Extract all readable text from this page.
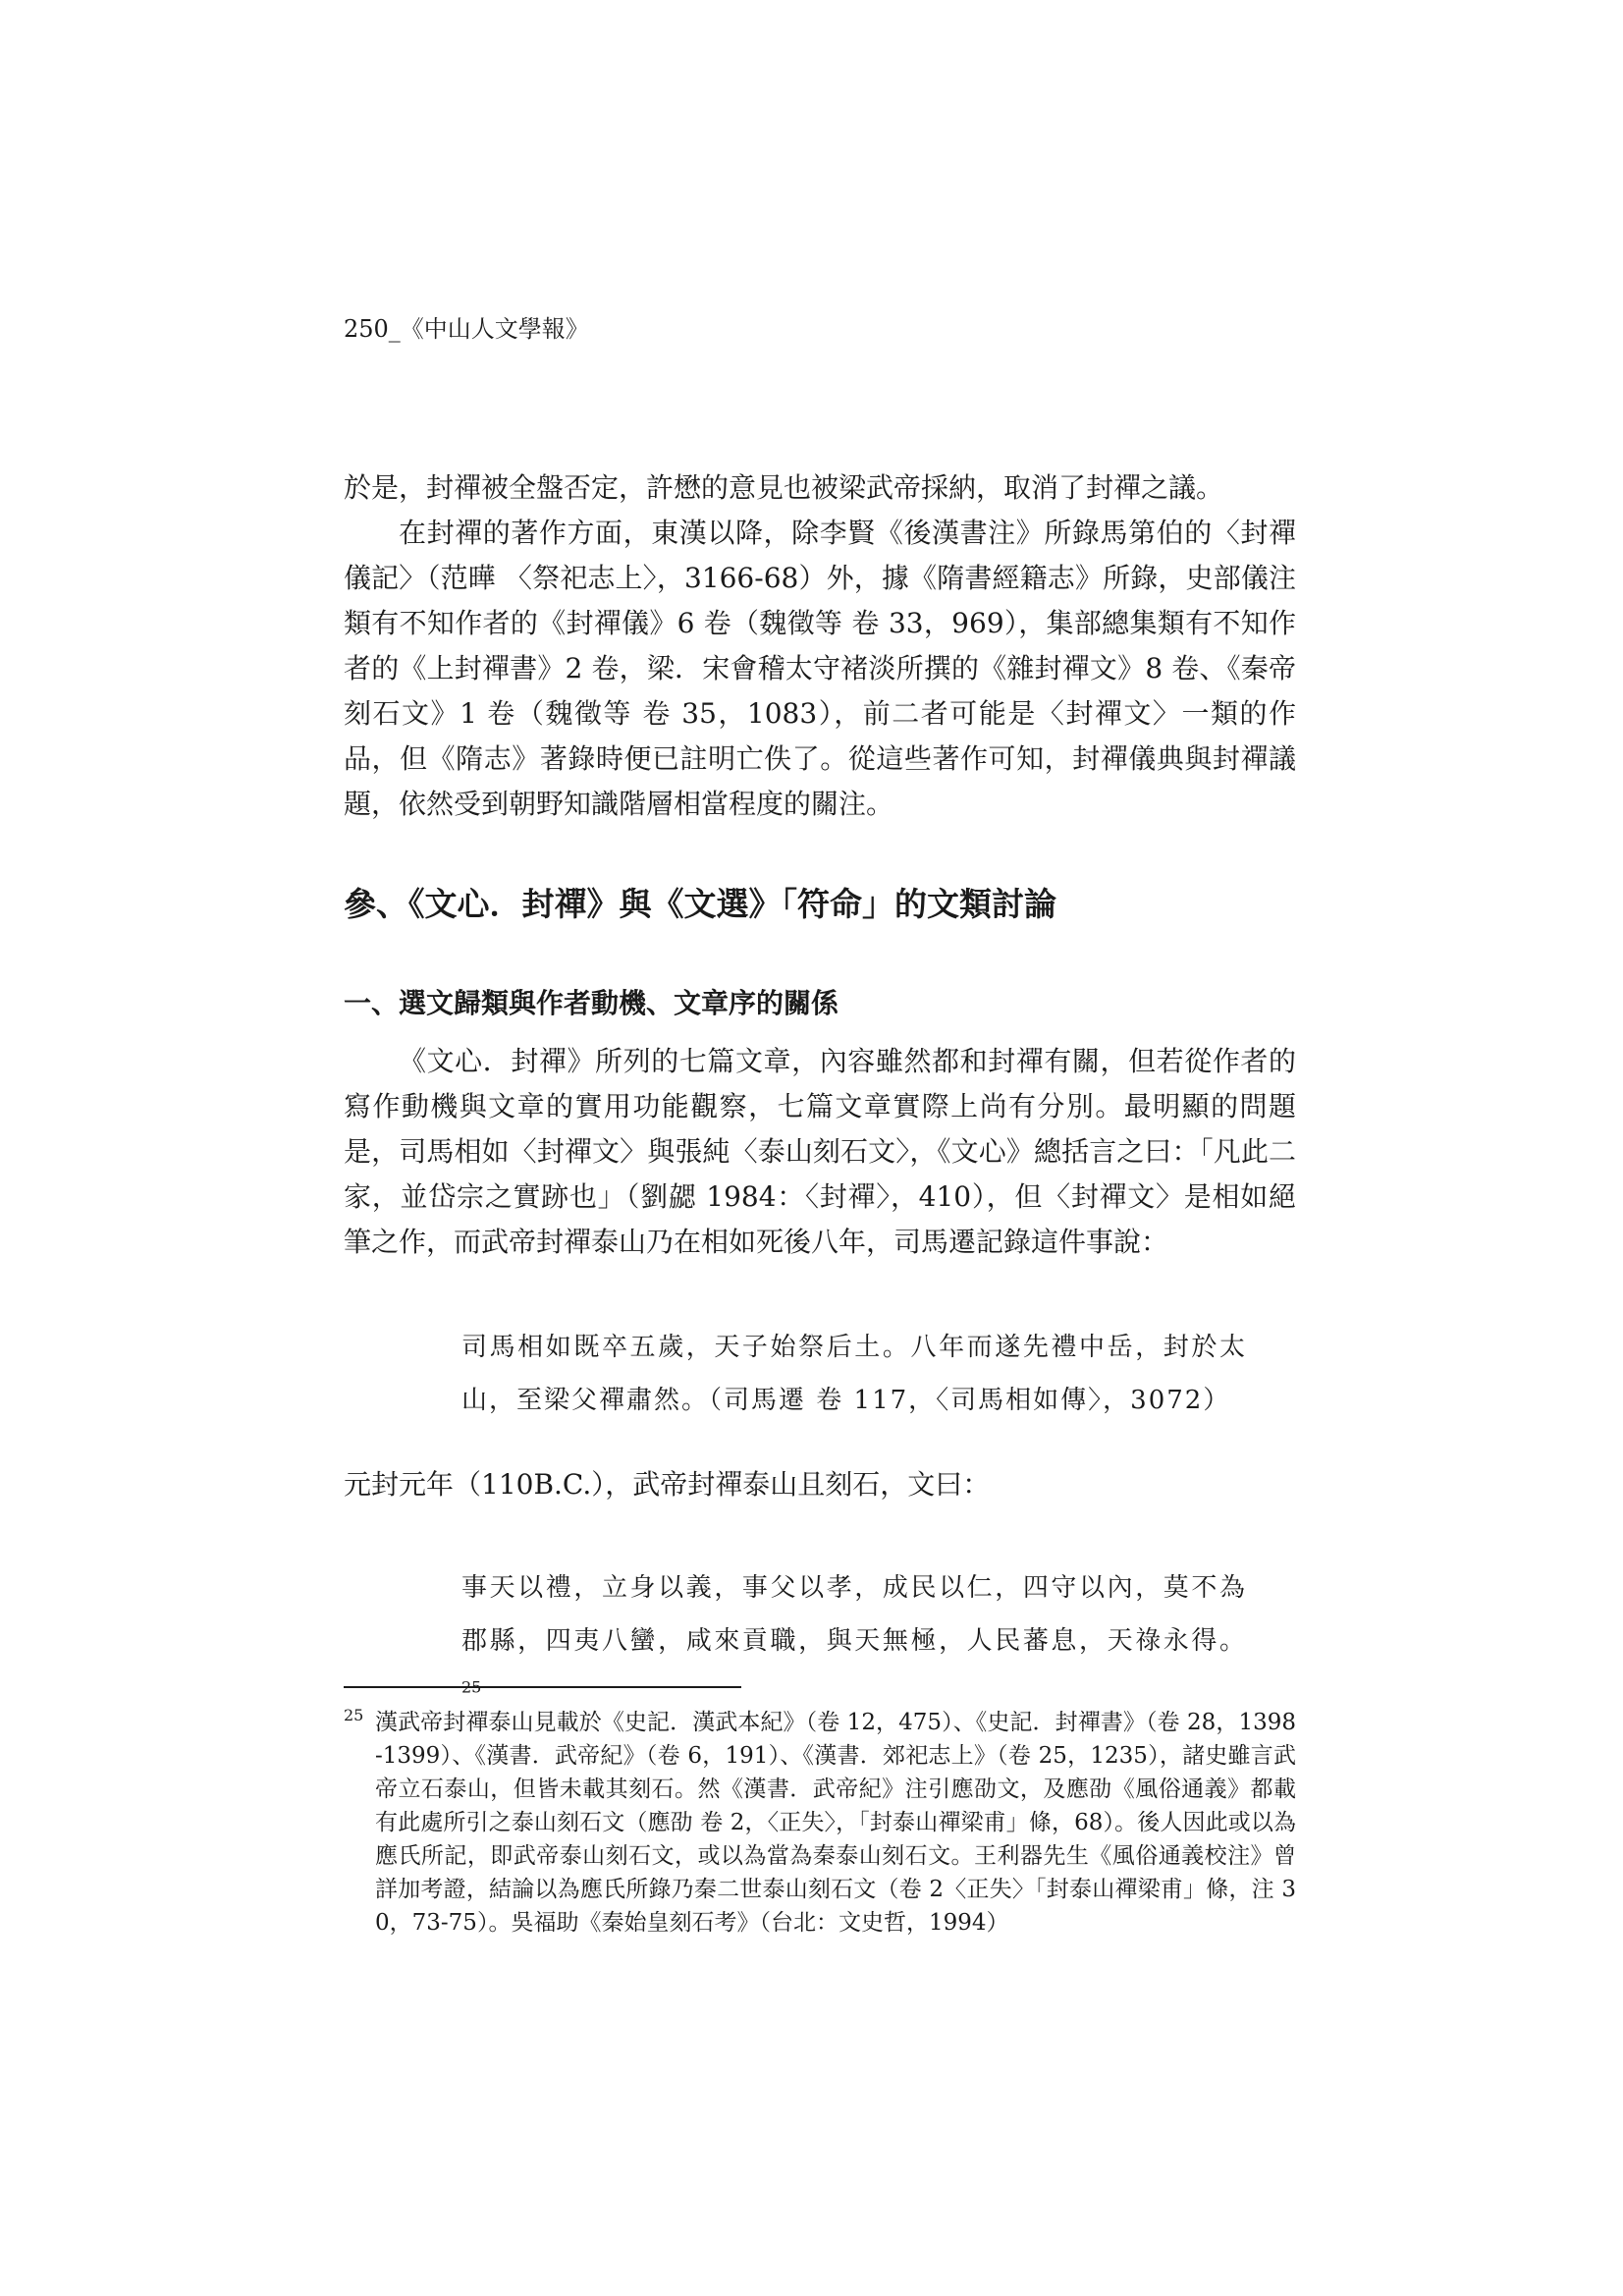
250_《中山人文學報》

於是，封禪被全盤否定，許懋的意見也被梁武帝採納，取消了封禪之議。

在封禪的著作方面，東漢以降，除李賢《後漢書注》所錄馬第伯的〈封禪儀記〉（范曄 〈祭祀志上〉，3166-68）外，據《隋書經籍志》所錄，史部儀注類有不知作者的《封禪儀》6 卷（魏徵等 卷 33，969），集部總集類有不知作者的《上封禪書》2 卷，梁．宋會稽太守褚淡所撰的《雜封禪文》8 卷、《秦帝刻石文》1 卷（魏徵等 卷 35，1083），前二者可能是〈封禪文〉一類的作品，但《隋志》著錄時便已註明亡佚了。從這些著作可知，封禪儀典與封禪議題，依然受到朝野知識階層相當程度的關注。

參、《文心．封禪》與《文選》「符命」的文類討論
一、選文歸類與作者動機、文章序的關係

《文心．封禪》所列的七篇文章，內容雖然都和封禪有關，但若從作者的寫作動機與文章的實用功能觀察，七篇文章實際上尚有分別。最明顯的問題是，司馬相如〈封禪文〉與張純〈泰山刻石文〉，《文心》總括言之曰：「凡此二家，並岱宗之實跡也」（劉勰 1984：〈封禪〉，410），但〈封禪文〉是相如絕筆之作，而武帝封禪泰山乃在相如死後八年，司馬遷記錄這件事說：

司馬相如既卒五歲，天子始祭后土。八年而遂先禮中岳，封於太山，至梁父禪肅然。（司馬遷 卷 117，〈司馬相如傳〉，3072）

元封元年（110B.C.），武帝封禪泰山且刻石，文曰：

事天以禮，立身以義，事父以孝，成民以仁，四守以內，莫不為郡縣，四夷八蠻，咸來貢職，與天無極，人民蕃息，天祿永得。 $^{25}$

25 漢武帝封禪泰山見載於《史記．漢武本紀》（卷 12，475）、《史記．封禪書》（卷 28，1398-1399）、《漢書．武帝紀》（卷 6，191）、《漢書．郊祀志上》（卷 25，1235），諸史雖言武帝立石泰山，但皆未載其刻石。然《漢書．武帝紀》注引應劭文，及應劭《風俗通義》都載有此處所引之泰山刻石文（應劭 卷 2，〈正失〉，「封泰山禪梁甫」條，68）。後人因此或以為應氏所記，即武帝泰山刻石文，或以為當為秦泰山刻石文。王利器先生《風俗通義校注》曾詳加考證，結論以為應氏所錄乃秦二世泰山刻石文（卷 2〈正失〉「封泰山禪梁甫」條，注 30，73-75）。吳福助《秦始皇刻石考》（台北：文史哲，1994）
